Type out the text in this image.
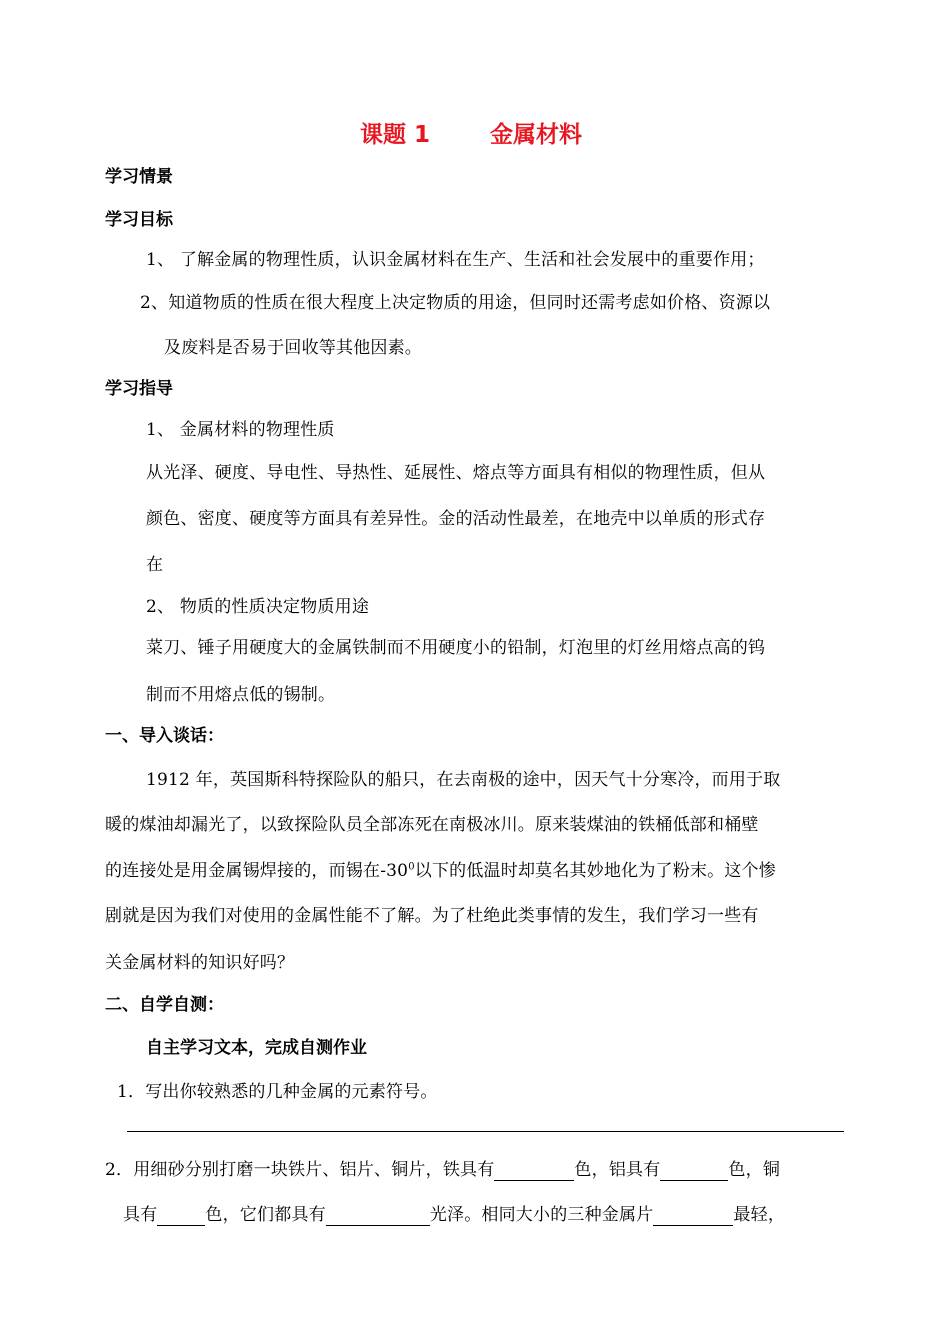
课题 1	金属材料
学习情景
学习目标
1、 了解金属的物理性质，认识金属材料在生产、生活和社会发展中的重要作用；
2、知道物质的性质在很大程度上决定物质的用途，但同时还需考虑如价格、资源以
及废料是否易于回收等其他因素。
学习指导
1、 金属材料的物理性质
从光泽、硬度、导电性、导热性、延展性、熔点等方面具有相似的物理性质，但从
颜色、密度、硬度等方面具有差异性。金的活动性最差，在地壳中以单质的形式存
在
2、 物质的性质决定物质用途
菜刀、锤子用硬度大的金属铁制而不用硬度小的铅制，灯泡里的灯丝用熔点高的钨
制而不用熔点低的锡制。
一、导入谈话：
1912 年，英国斯科特探险队的船只，在去南极的途中，因天气十分寒冷，而用于取
暖的煤油却漏光了，以致探险队员全部冻死在南极冰川。原来装煤油的铁桶低部和桶壁
的连接处是用金属锡焊接的，而锡在$-30^0$以下的低温时却莫名其妙地化为了粉末。这个惨
剧就是因为我们对使用的金属性能不了解。为了杜绝此类事情的发生，我们学习一些有
关金属材料的知识好吗？
二、自学自测：
自主学习文本，完成自测作业
1．写出你较熟悉的几种金属的元素符号。
2．用细砂分别打磨一块铁片、铝片、铜片，铁具有	色，铝具有	色，铜
具有	色，它们都具有	光泽。相同大小的三种金属片	最轻，
